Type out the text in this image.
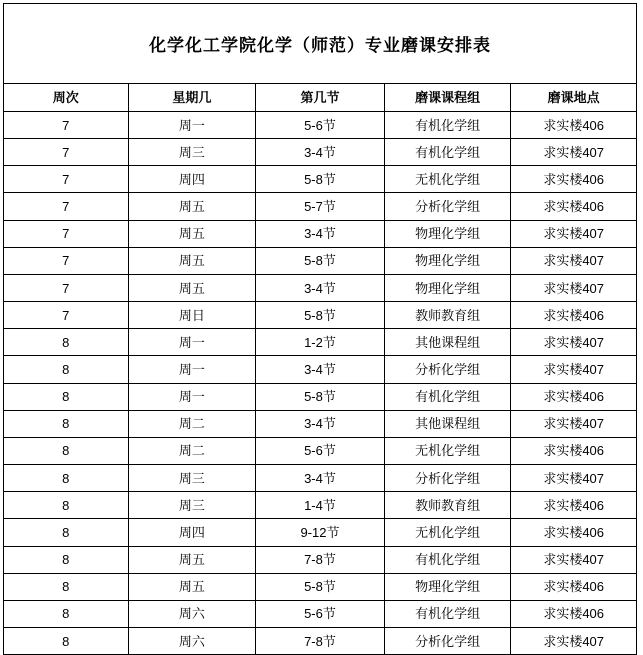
化学化工学院化学（师范）专业磨课安排表
周次	星期几	第几节	磨课课程组	磨课地点
7	周一	5-6节	有机化学组	求实楼406
7	周三	3-4节	有机化学组	求实楼407
7	周四	5-8节	无机化学组	求实楼406
7	周五	5-7节	分析化学组	求实楼406
7	周五	3-4节	物理化学组	求实楼407
7	周五	5-8节	物理化学组	求实楼407
7	周五	3-4节	物理化学组	求实楼407
7	周日	5-8节	教师教育组	求实楼406
8	周一	1-2节	其他课程组	求实楼407
8	周一	3-4节	分析化学组	求实楼407
8	周一	5-8节	有机化学组	求实楼406
8	周二	3-4节	其他课程组	求实楼407
8	周二	5-6节	无机化学组	求实楼406
8	周三	3-4节	分析化学组	求实楼407
8	周三	1-4节	教师教育组	求实楼406
8	周四	9-12节	无机化学组	求实楼406
8	周五	7-8节	有机化学组	求实楼407
8	周五	5-8节	物理化学组	求实楼406
8	周六	5-6节	有机化学组	求实楼406
8	周六	7-8节	分析化学组	求实楼407
